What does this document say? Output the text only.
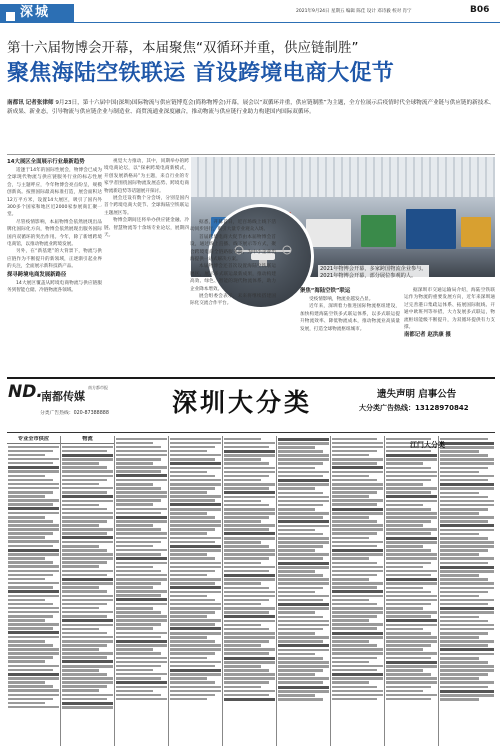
深城	2021年9月24日 星期五 编辑 陈佳 设计 邓诗毅 校对 肖宁	B06
第十六届物博会开幕，本届聚焦“双循环并重，供应链制胜”
聚焦海陆空铁联运 首设跨境电商大促节
南都讯 记者张律师 9月23日，第十六届中国(深圳)国际物流与供应链博览会(简称物博会)开幕，展会以“双循环并重，供应链制胜”为主题，全方位展示后疫情时代全球物流产业链与供应链的新技术、新成果、新业态，引导物流与供应链企业与制造业、商贸流通业深度融合，推动物流与供应链行业助力构建国内国际双循环。

14大展区全面展示行业最新趋势

适逢于14年的国际性展会，物博会已成为全球现代物流与供应链服务行业的标志性展会，与主题呼应，今年物博会亮点纷呈，规模创新高。按照国际最高标准打造，展会面积达12万平方米，设置14大展区，吸引了国内外300多个国家和地区近2000家参展商汇聚一堂。

尽管疫情影响，本届物博会依然展现出品牌化国际化方向，物博会依然展现出服务国际国内双循环的突出作用。今年，除了新增跨境电商馆，以推动物流业跨境发展。

另外，在“新基建”的大背景下，物流与供应链作为不断提升的新领域，正逐渐引起业界的关注，全面展示新科技新产品。

探寻跨境电商发展新路径

14大展区覆盖从跨境电商物流与供应链服务到智能仓储、冷链物流各领域。

视觉大力推动，其中，同期举办的跨境电商论坛，以“探索跨境电商新模式，开创发展新格局”为主题，来自行业的专家学者围绕国际物流发展态势、跨境电商物流新趋势等话题展开探讨。

展会还设有数个分会场，分别是国内首个跨境电商大促节、全球海陆空铁联运主题展区等。

物博会期间还将举办供应链金融、冷链、智慧物流等十余场专业论坛，展期四天。

2021年物博会开幕，多家跨国物流企业参与。
2021年物博会开幕，部分展位参观的人。

据悉，开幕首日，近百场线上线下活动同步进行，吸引大量专业观众入场。

首届跨境电商大促节由本届物博会首设，通过线上直播、线下展示等方式，聚合跨境电商全链路服务商，为中小企业出海提供一站式解决方案。

本届物博会还首次设置海陆空铁联运展区，展示多式联运最新成果，推动构建高效、绿色、智能的现代物流体系，助力企业降本增效。

展会组委会表示，未来将继续搭建国际化交流合作平台。

聚焦“海陆空铁”联运

受疫情影响，物流业越发凸显。

近年来，深圳着力推进国际物流枢纽建设，加快构建海陆空铁多式联运体系，以多式联运提升物流效率、降低物流成本，推动物流业高质量发展，打造全球物流枢纽城市。

据深圳市交通运输局介绍，海陆空铁联运作为物流的重要发展方向，近年来深圳通过完善港口集疏运体系、拓展国际航线、开通中欧班列等举措，大力发展多式联运，物流枢纽能级不断提升，为双循环提供有力支撑。

南都记者 赵洪康 摄

ND.
南都传媒
南方都市报
分类广告热线：020-87388888	深圳大分类	遗失声明 启事公告
大分类广告热线：13128970842
专业全市供应	物流
江门大分类
